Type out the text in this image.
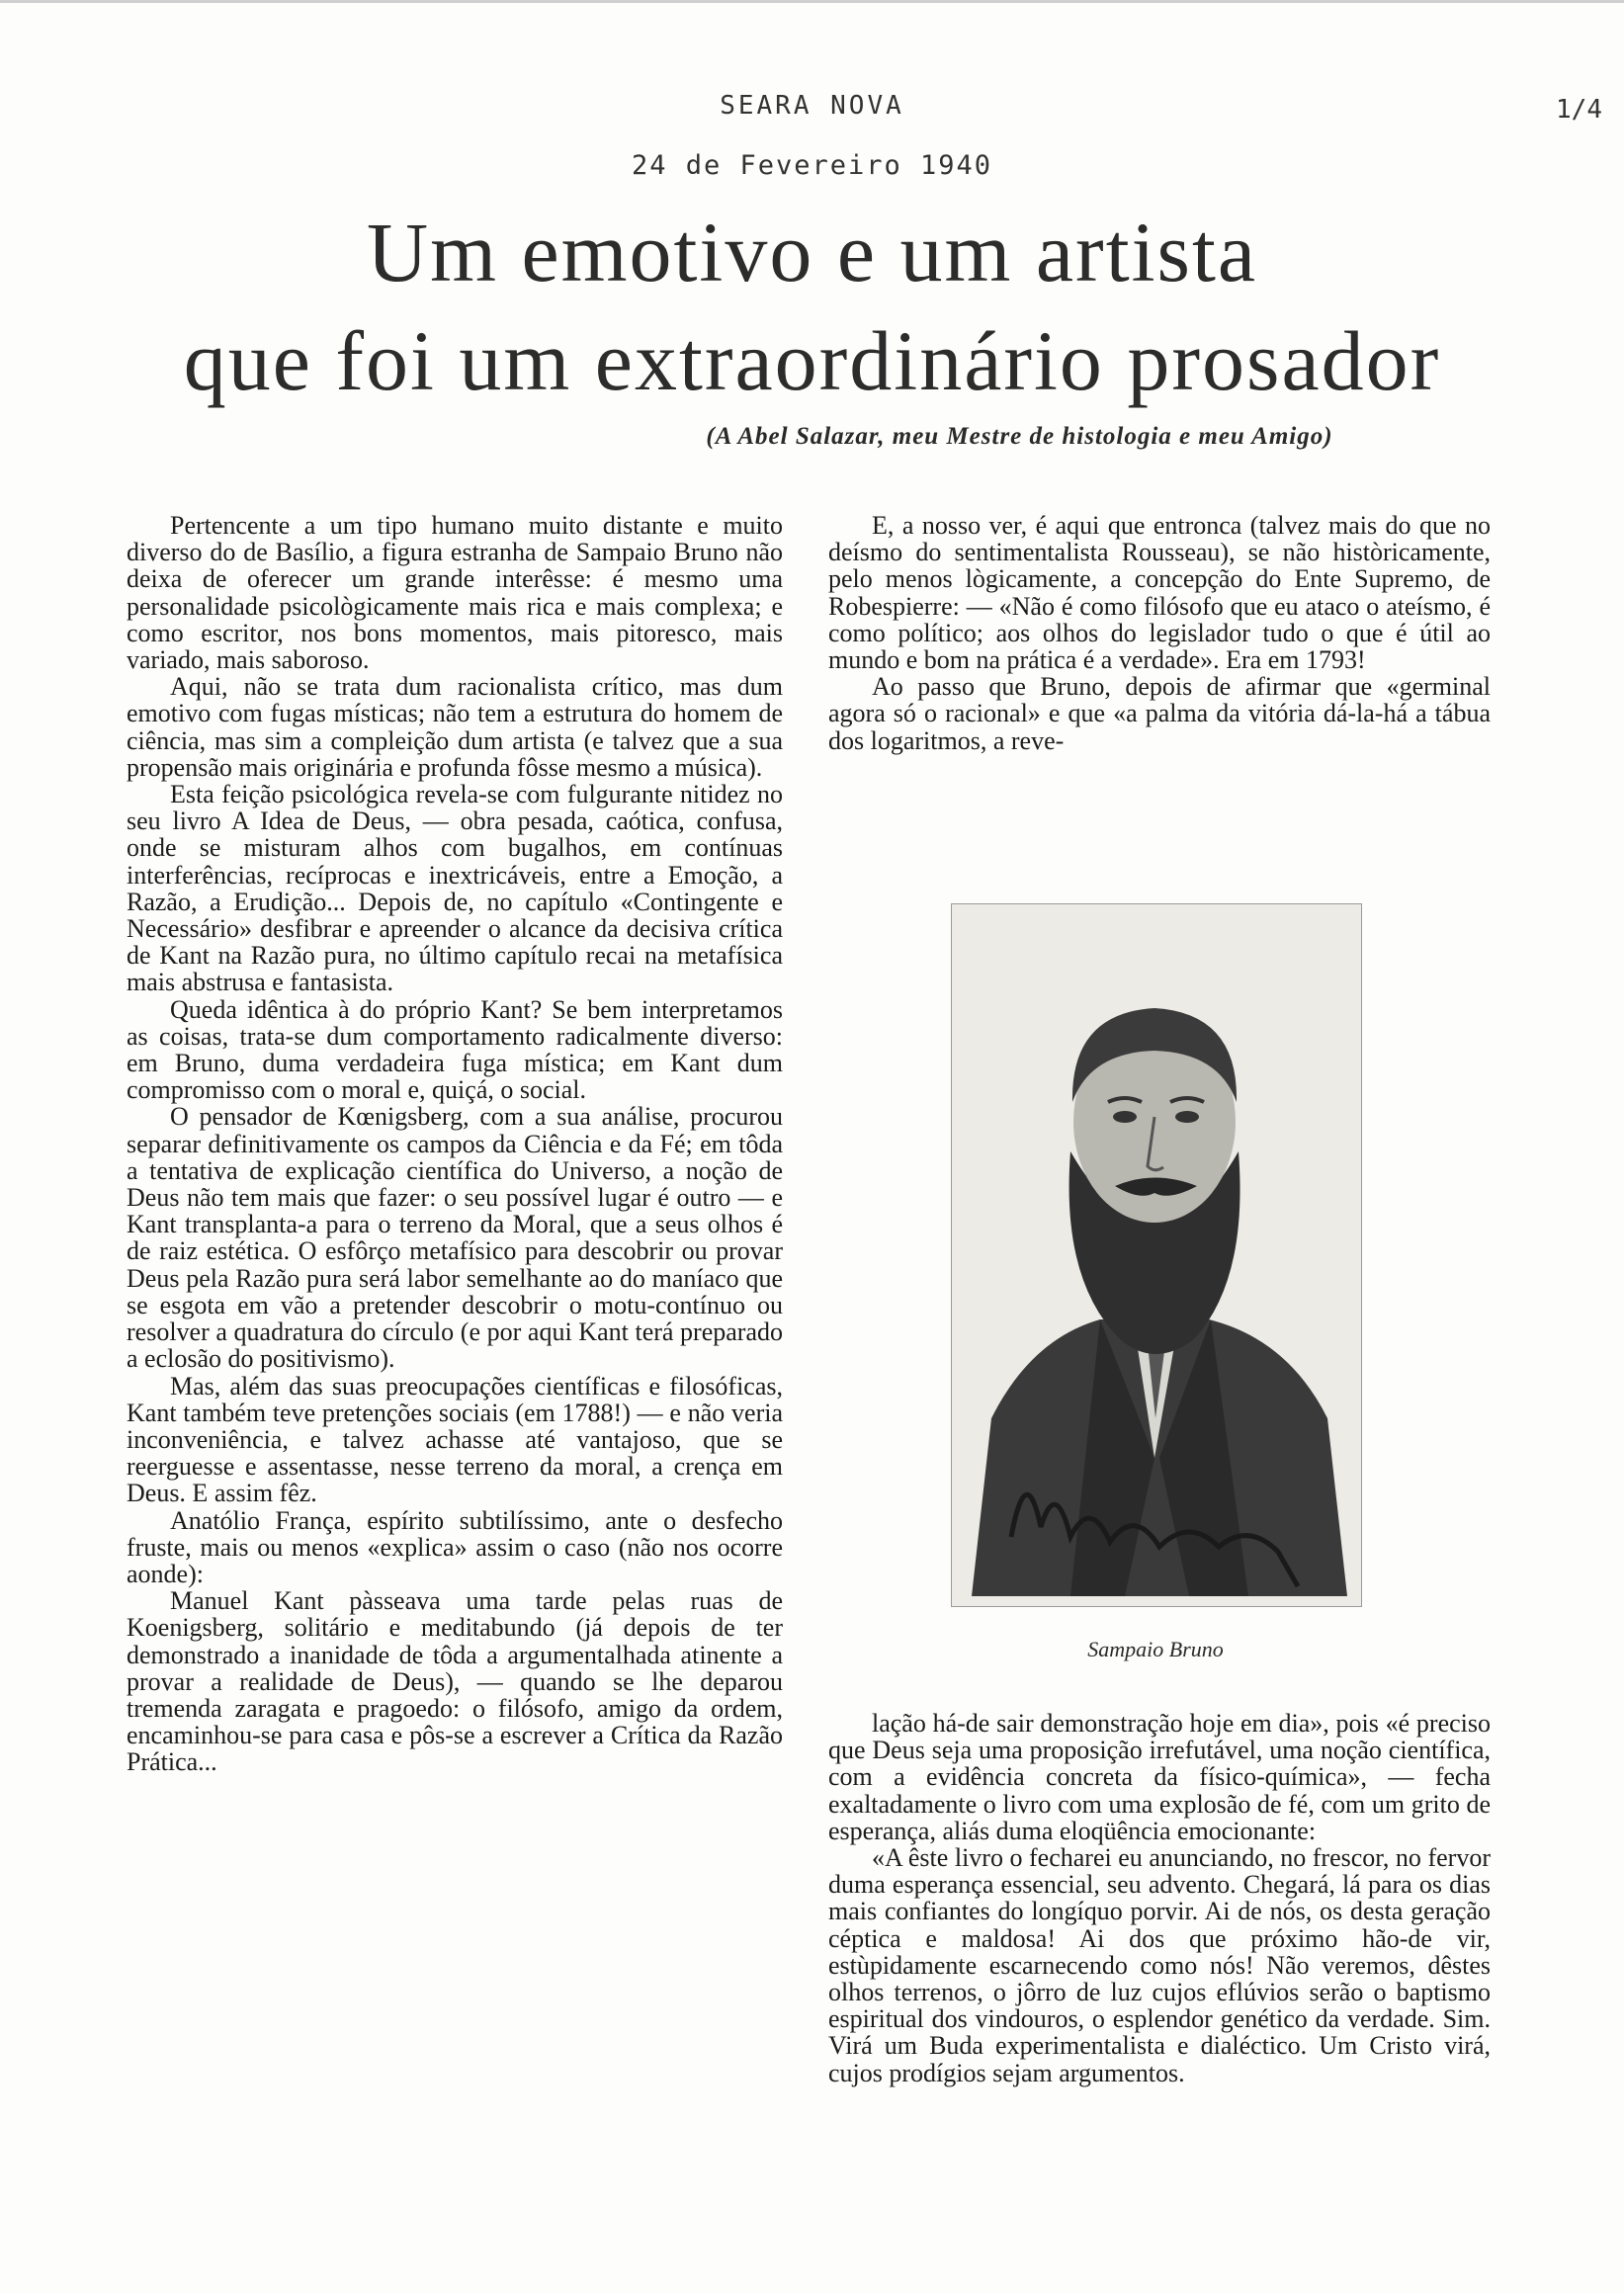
SEARA NOVA	1/4
24 de Fevereiro 1940
Um emotivo e um artista
que foi um extraordinário prosador
(A Abel Salazar, meu Mestre de histologia e meu Amigo)

Pertencente a um tipo humano muito distante e muito diverso do de Basílio, a figura estranha de Sampaio Bruno não deixa de oferecer um grande interêsse: é mesmo uma personalidade psicològicamente mais rica e mais complexa; e como escritor, nos bons momentos, mais pitoresco, mais variado, mais saboroso.

Aqui, não se trata dum racionalista crítico, mas dum emotivo com fugas místicas; não tem a estrutura do homem de ciência, mas sim a compleição dum artista (e talvez que a sua propensão mais originária e profunda fôsse mesmo a música).

Esta feição psicológica revela-se com fulgurante nitidez no seu livro A Idea de Deus, — obra pesada, caótica, confusa, onde se misturam alhos com bugalhos, em contínuas interferências, recíprocas e inextricáveis, entre a Emoção, a Razão, a Erudição... Depois de, no capítulo «Contingente e Necessário» desfibrar e apreender o alcance da decisiva crítica de Kant na Razão pura, no último capítulo recai na metafísica mais abstrusa e fantasista.

Queda idêntica à do próprio Kant? Se bem interpretamos as coisas, trata-se dum comportamento radicalmente diverso: em Bruno, duma verdadeira fuga mística; em Kant dum compromisso com o moral e, quiçá, o social.

O pensador de Kœnigsberg, com a sua análise, procurou separar definitivamente os campos da Ciência e da Fé; em tôda a tentativa de explicação científica do Universo, a noção de Deus não tem mais que fazer: o seu possível lugar é outro — e Kant transplanta-a para o terreno da Moral, que a seus olhos é de raiz estética. O esfôrço metafísico para descobrir ou provar Deus pela Razão pura será labor semelhante ao do maníaco que se esgota em vão a pretender descobrir o motu-contínuo ou resolver a quadratura do círculo (e por aqui Kant terá preparado a eclosão do positivismo).

Mas, além das suas preocupações científicas e filosóficas, Kant também teve pretenções sociais (em 1788!) — e não veria inconveniência, e talvez achasse até vantajoso, que se reerguesse e assentasse, nesse terreno da moral, a crença em Deus. E assim fêz.

Anatólio França, espírito subtilíssimo, ante o desfecho fruste, mais ou menos «explica» assim o caso (não nos ocorre aonde):

Manuel Kant pàsseava uma tarde pelas ruas de Koenigsberg, solitário e meditabundo (já depois de ter demonstrado a inanidade de tôda a argumentalhada atinente a provar a realidade de Deus), — quando se lhe deparou tremenda zaragata e pragoedo: o filósofo, amigo da ordem, encaminhou-se para casa e pôs-se a escrever a Crítica da Razão Prática...

E, a nosso ver, é aqui que entronca (talvez mais do que no deísmo do sentimentalista Rousseau), se não històricamente, pelo menos lògicamente, a concepção do Ente Supremo, de Robespierre: — «Não é como filósofo que eu ataco o ateísmo, é como político; aos olhos do legislador tudo o que é útil ao mundo e bom na prática é a verdade». Era em 1793!

Ao passo que Bruno, depois de afirmar que «germinal agora só o racional» e que «a palma da vitória dá-la-há a tábua dos logaritmos, a reve-

Sampaio Bruno

lação há-de sair demonstração hoje em dia», pois «é preciso que Deus seja uma proposição irrefutável, uma noção científica, com a evidência concreta da físico-química», — fecha exaltadamente o livro com uma explosão de fé, com um grito de esperança, aliás duma eloqüência emocionante:

«A êste livro o fecharei eu anunciando, no frescor, no fervor duma esperança essencial, seu advento. Chegará, lá para os dias mais confiantes do longíquo porvir. Ai de nós, os desta geração céptica e maldosa! Ai dos que próximo hão-de vir, estùpidamente escarnecendo como nós! Não veremos, dêstes olhos terrenos, o jôrro de luz cujos eflúvios serão o baptismo espiritual dos vindouros, o esplendor genético da verdade. Sim. Virá um Buda experimentalista e dialéctico. Um Cristo virá, cujos prodígios sejam argumentos.
